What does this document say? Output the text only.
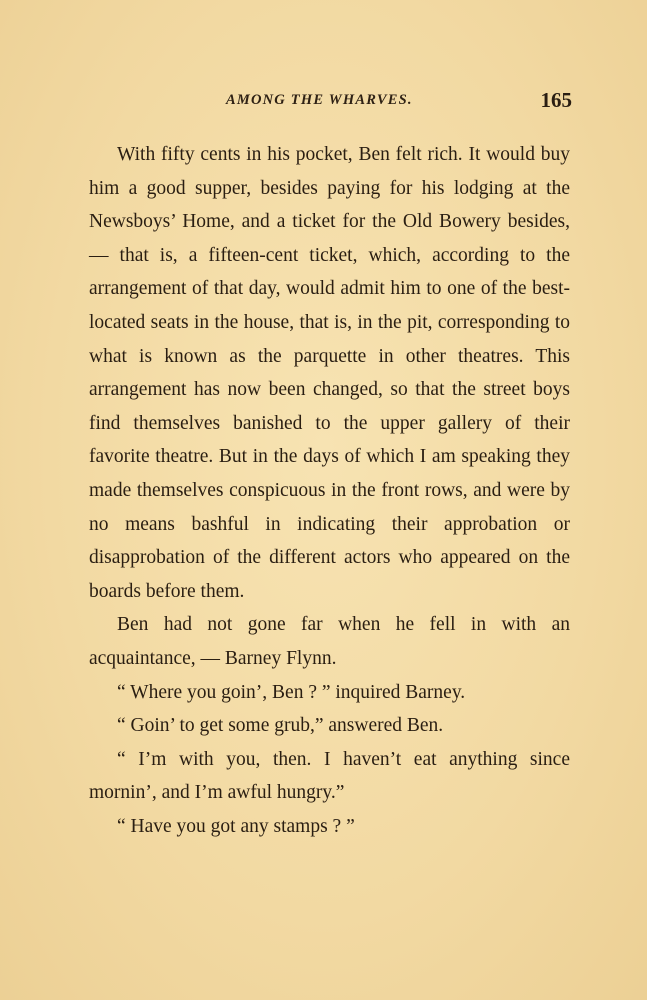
AMONG THE WHARVES.	165

With fifty cents in his pocket, Ben felt rich. It would buy him a good supper, besides paying for his lodging at the Newsboys’ Home, and a ticket for the Old Bowery besides, — that is, a fifteen-cent ticket, which, according to the arrangement of that day, would admit him to one of the best-located seats in the house, that is, in the pit, corresponding to what is known as the parquette in other theatres. This arrangement has now been changed, so that the street boys find themselves banished to the upper gallery of their favorite theatre. But in the days of which I am speaking they made themselves conspicuous in the front rows, and were by no means bashful in indicating their approbation or disapprobation of the different actors who appeared on the boards before them.

Ben had not gone far when he fell in with an acquaintance, — Barney Flynn.

“ Where you goin’, Ben ? ” inquired Barney.

“ Goin’ to get some grub,” answered Ben.

“ I’m with you, then. I haven’t eat anything since mornin’, and I’m awful hungry.”

“ Have you got any stamps ? ”
